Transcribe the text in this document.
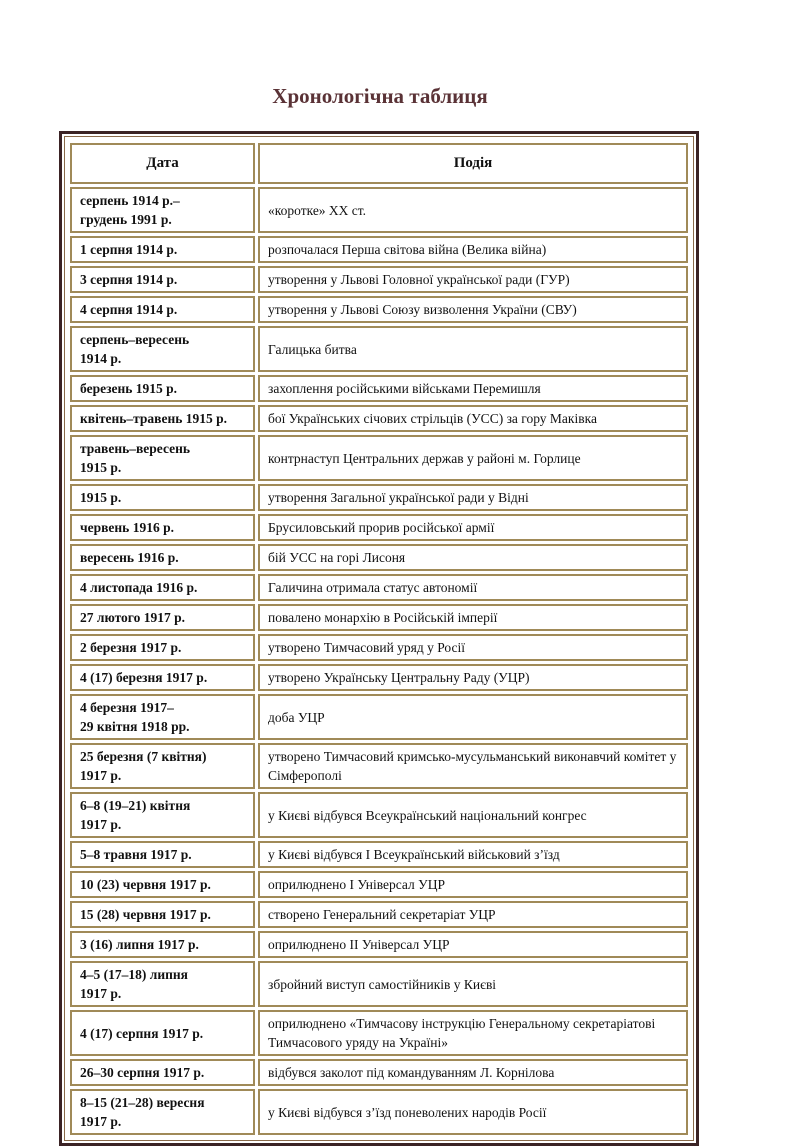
Хронологічна таблиця
Дата	Подія
серпень 1914 р.–
грудень 1991 р.	«коротке» XX ст.
1 серпня 1914 р.	розпочалася Перша світова війна (Велика війна)
3 серпня 1914 р.	утворення у Львові Головної української ради (ГУР)
4 серпня 1914 р.	утворення у Львові Союзу визволення України (СВУ)
серпень–вересень
1914 р.	Галицька битва
березень 1915 р.	захоплення російськими військами Перемишля
квітень–травень 1915 р.	бої Українських січових стрільців (УСС) за гору Маківка
травень–вересень
1915 р.	контрнаступ Центральних держав у районі м. Горлице
1915 р.	утворення Загальної української ради у Відні
червень 1916 р.	Брусиловський прорив російської армії
вересень 1916 р.	бій УСС на горі Лисоня
4 листопада 1916 р.	Галичина отримала статус автономії
27 лютого 1917 р.	повалено монархію в Російській імперії
2 березня 1917 р.	утворено Тимчасовий уряд у Росії
4 (17) березня 1917 р.	утворено Українську Центральну Раду (УЦР)
4 березня 1917–
29 квітня 1918 рр.	доба УЦР
25 березня (7 квітня)
1917 р.	утворено Тимчасовий кримсько-мусульманський виконавчий комітет у Сімферополі
6–8 (19–21) квітня
1917 р.	у Києві відбувся Всеукраїнський національний конгрес
5–8 травня 1917 р.	у Києві відбувся І Всеукраїнський військовий з’їзд
10 (23) червня 1917 р.	оприлюднено І Універсал УЦР
15 (28) червня 1917 р.	створено Генеральний секретаріат УЦР
3 (16) липня 1917 р.	оприлюднено ІІ Універсал УЦР
4–5 (17–18) липня
1917 р.	збройний виступ самостійників у Києві
4 (17) серпня 1917 р.	оприлюднено «Тимчасову інструкцію Генеральному секретаріатові Тимчасового уряду на Україні»
26–30 серпня 1917 р.	відбувся заколот під командуванням Л. Корнілова
8–15 (21–28) вересня
1917 р.	у Києві відбувся з’їзд поневолених народів Росії
